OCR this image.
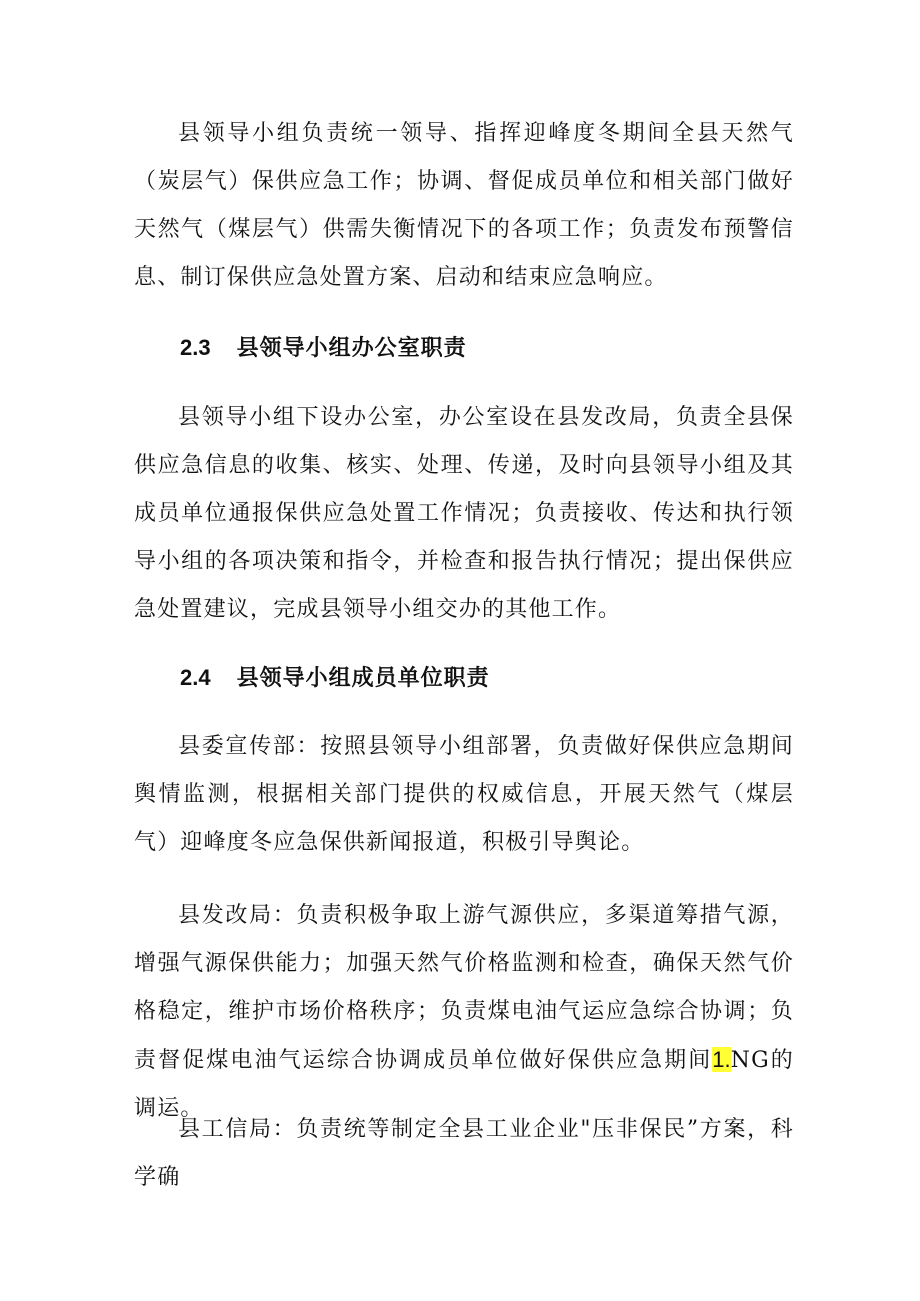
县领导小组负责统一领导、指挥迎峰度冬期间全县天然气（炭层气）保供应急工作；协调、督促成员单位和相关部门做好天然气（煤层气）供需失衡情况下的各项工作；负责发布预警信息、制订保供应急处置方案、启动和结束应急响应。

2.3 县领导小组办公室职责

县领导小组下设办公室，办公室设在县发改局，负责全县保供应急信息的收集、核实、处理、传递，及时向县领导小组及其成员单位通报保供应急处置工作情况；负责接收、传达和执行领导小组的各项决策和指令，并检查和报告执行情况；提出保供应急处置建议，完成县领导小组交办的其他工作。

2.4 县领导小组成员单位职责

县委宣传部：按照县领导小组部署，负责做好保供应急期间舆情监测，根据相关部门提供的权威信息，开展天然气（煤层气）迎峰度冬应急保供新闻报道，积极引导舆论。

县发改局：负责积极争取上游气源供应，多渠道筹措气源，增强气源保供能力；加强天然气价格监测和检查，确保天然气价格稳定，维护市场价格秩序；负责煤电油气运应急综合协调；负责督促煤电油气运综合协调成员单位做好保供应急期间1.NG的调运。

县工信局：负责统等制定全县工业企业"压非保民”方案，科学确
